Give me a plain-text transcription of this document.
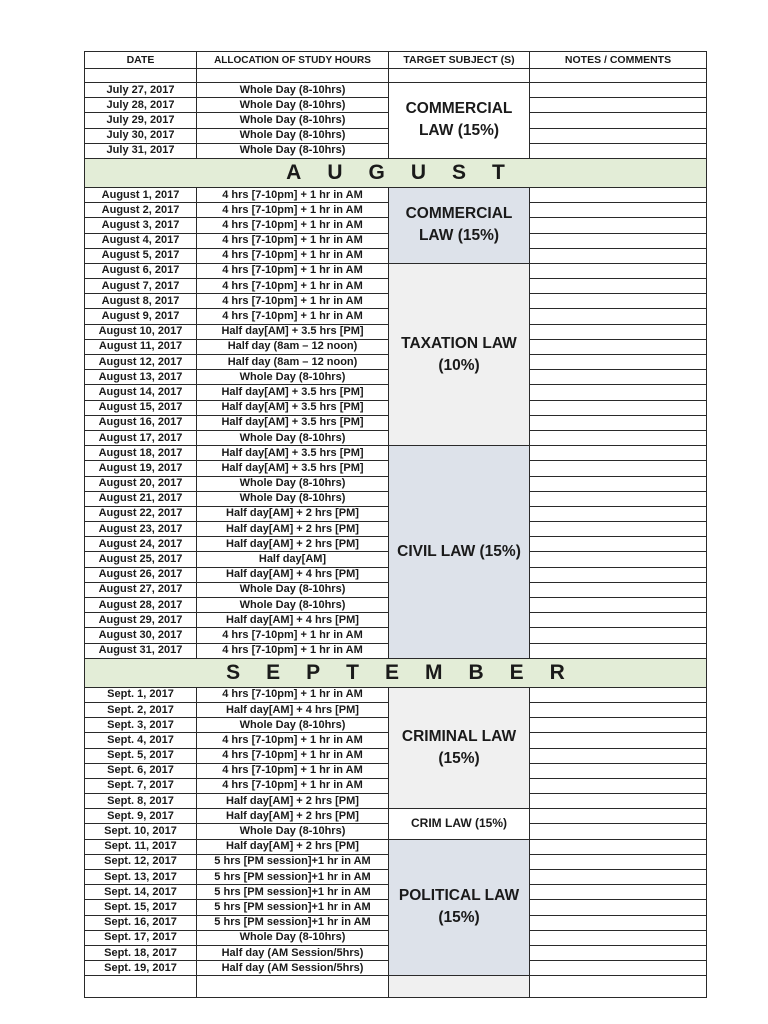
DATE	ALLOCATION OF STUDY HOURS	TARGET SUBJECT (S)	NOTES / COMMENTS

July 27, 2017	Whole Day (8-10hrs)	COMMERCIAL LAW (15%)	
July 28, 2017	Whole Day (8-10hrs)		
July 29, 2017	Whole Day (8-10hrs)		
July 30, 2017	Whole Day (8-10hrs)		
July 31, 2017	Whole Day (8-10hrs)		
AUGUST			
August 1, 2017	4 hrs [7-10pm] + 1 hr in AM	COMMERCIAL LAW (15%)	
August 2, 2017	4 hrs [7-10pm] + 1 hr in AM		
August 3, 2017	4 hrs [7-10pm] + 1 hr in AM		
August 4, 2017	4 hrs [7-10pm] + 1 hr in AM		
August 5, 2017	4 hrs [7-10pm] + 1 hr in AM		
August 6, 2017	4 hrs [7-10pm] + 1 hr in AM	TAXATION LAW (10%)	
August 7, 2017	4 hrs [7-10pm] + 1 hr in AM		
August 8, 2017	4 hrs [7-10pm] + 1 hr in AM		
August 9, 2017	4 hrs [7-10pm] + 1 hr in AM		
August 10, 2017	Half day[AM] + 3.5 hrs [PM]		
August 11, 2017	Half day (8am – 12 noon)		
August 12, 2017	Half day (8am – 12 noon)		
August 13, 2017	Whole Day (8-10hrs)		
August 14, 2017	Half day[AM] + 3.5 hrs [PM]		
August 15, 2017	Half day[AM] + 3.5 hrs [PM]		
August 16, 2017	Half day[AM] + 3.5 hrs [PM]		
August 17, 2017	Whole Day (8-10hrs)		
August 18, 2017	Half day[AM] + 3.5 hrs [PM]	CIVIL LAW (15%)	
August 19, 2017	Half day[AM] + 3.5 hrs [PM]		
August 20, 2017	Whole Day (8-10hrs)		
August 21, 2017	Whole Day (8-10hrs)		
August 22, 2017	Half day[AM] + 2 hrs [PM]		
August 23, 2017	Half day[AM] + 2 hrs [PM]		
August 24, 2017	Half day[AM] + 2 hrs [PM]		
August 25, 2017	Half day[AM]		
August 26, 2017	Half day[AM] + 4 hrs [PM]		
August 27, 2017	Whole Day (8-10hrs)		
August 28, 2017	Whole Day (8-10hrs)		
August 29, 2017	Half day[AM] + 4 hrs [PM]		
August 30, 2017	4 hrs [7-10pm] + 1 hr in AM		
August 31, 2017	4 hrs [7-10pm] + 1 hr in AM		
SEPTEMBER			
Sept. 1, 2017	4 hrs [7-10pm] + 1 hr in AM	CRIMINAL LAW (15%)	
Sept. 2, 2017	Half day[AM] + 4 hrs [PM]		
Sept. 3, 2017	Whole Day (8-10hrs)		
Sept. 4, 2017	4 hrs [7-10pm] + 1 hr in AM		
Sept. 5, 2017	4 hrs [7-10pm] + 1 hr in AM		
Sept. 6, 2017	4 hrs [7-10pm] + 1 hr in AM		
Sept. 7, 2017	4 hrs [7-10pm] + 1 hr in AM		
Sept. 8, 2017	Half day[AM] + 2 hrs [PM]		
Sept. 9, 2017	Half day[AM] + 2 hrs [PM]	CRIM LAW (15%)	
Sept. 10, 2017	Whole Day (8-10hrs)		
Sept. 11, 2017	Half day[AM] + 2 hrs [PM]	POLITICAL LAW (15%)	
Sept. 12, 2017	5 hrs [PM session]+1 hr in AM		
Sept. 13, 2017	5 hrs [PM session]+1 hr in AM		
Sept. 14, 2017	5 hrs [PM session]+1 hr in AM		
Sept. 15, 2017	5 hrs [PM session]+1 hr in AM		
Sept. 16, 2017	5 hrs [PM session]+1 hr in AM		
Sept. 17, 2017	Whole Day (8-10hrs)		
Sept. 18, 2017	Half day (AM Session/5hrs)		
Sept. 19, 2017	Half day (AM Session/5hrs)		
